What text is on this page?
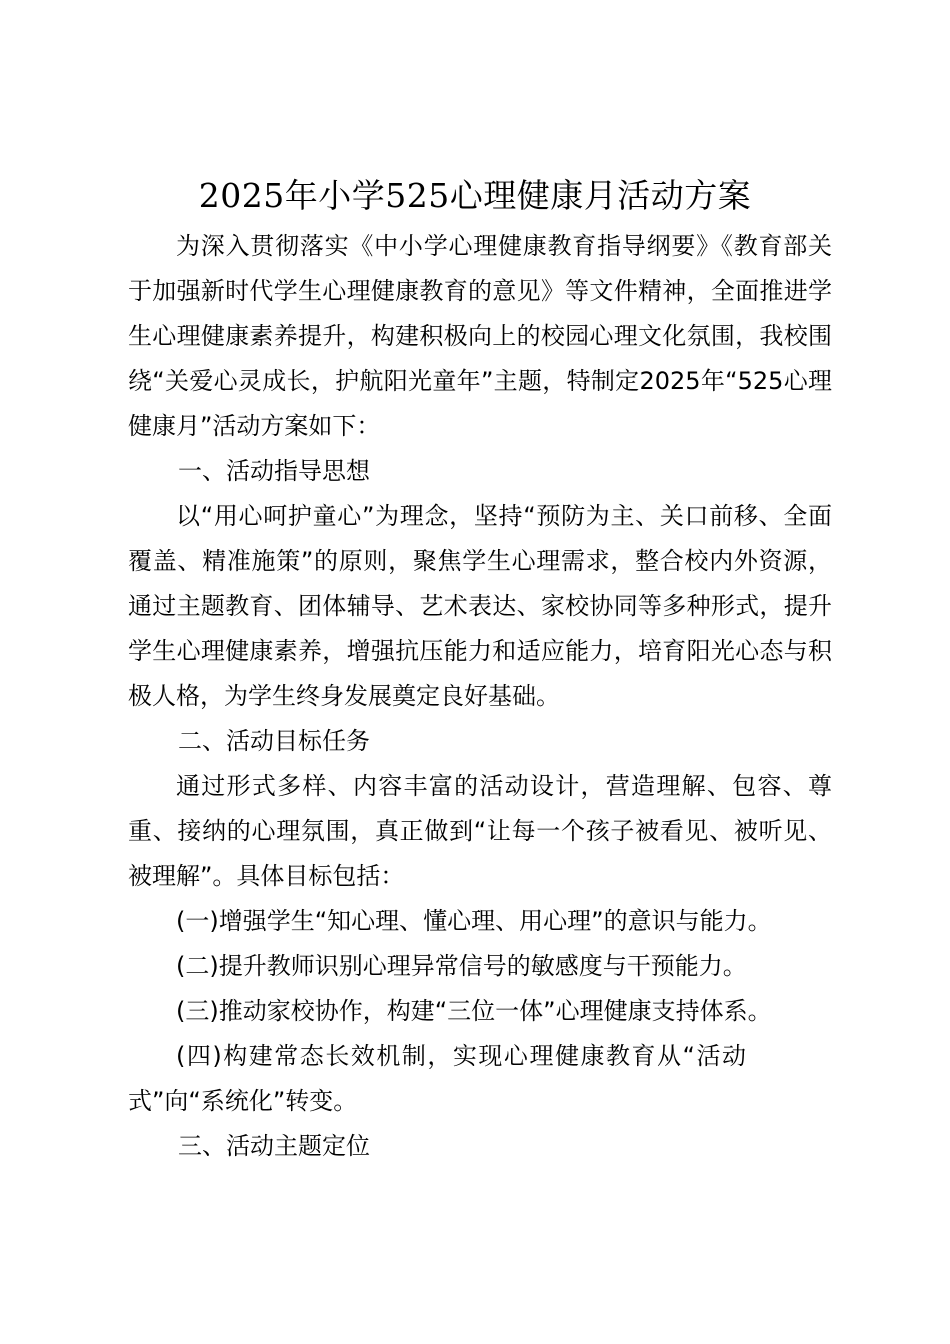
2025年小学525心理健康月活动方案

为深入贯彻落实《中小学心理健康教育指导纲要》《教育部关于加强新时代学生心理健康教育的意见》等文件精神，全面推进学生心理健康素养提升，构建积极向上的校园心理文化氛围，我校围绕“关爱心灵成长，护航阳光童年”主题，特制定2025年“525心理健康月”活动方案如下：

一、活动指导思想

以“用心呵护童心”为理念，坚持“预防为主、关口前移、全面覆盖、精准施策”的原则，聚焦学生心理需求，整合校内外资源，通过主题教育、团体辅导、艺术表达、家校协同等多种形式，提升学生心理健康素养，增强抗压能力和适应能力，培育阳光心态与积极人格，为学生终身发展奠定良好基础。

二、活动目标任务

通过形式多样、内容丰富的活动设计，营造理解、包容、尊重、接纳的心理氛围，真正做到“让每一个孩子被看见、被听见、被理解”。具体目标包括：

(一)增强学生“知心理、懂心理、用心理”的意识与能力。

(二)提升教师识别心理异常信号的敏感度与干预能力。

(三)推动家校协作，构建“三位一体”心理健康支持体系。

(四)构建常态长效机制，实现心理健康教育从“活动式”向“系统化”转变。

三、活动主题定位
